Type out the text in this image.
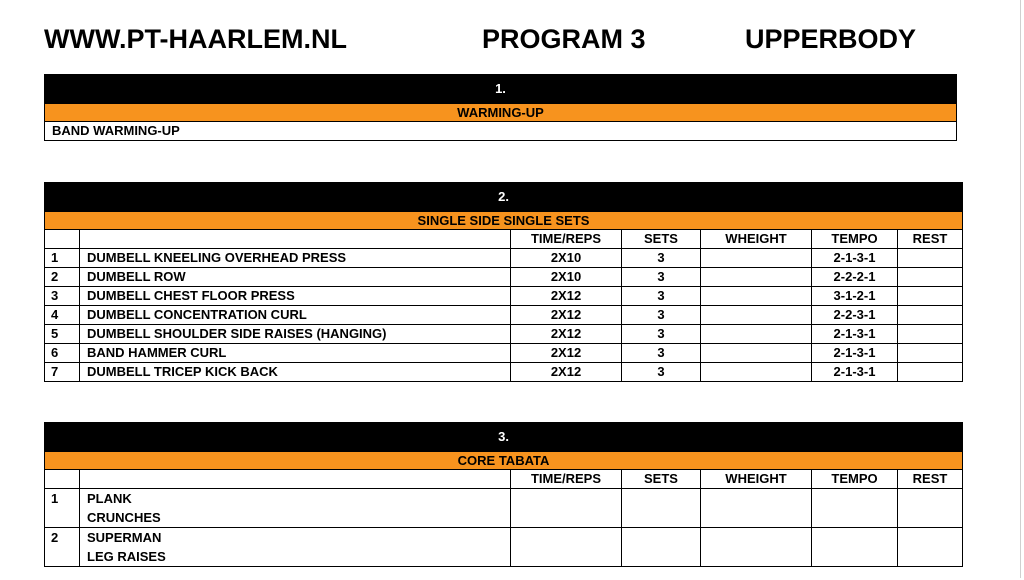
WWW.PT-HAARLEM.NL	PROGRAM 3	UPPERBODY
1.
WARMING-UP
BAND WARMING-UP
2.						
SINGLE SIDE SINGLE SETS						
		TIME/REPS	SETS	WHEIGHT	TEMPO	REST
1	DUMBELL KNEELING OVERHEAD PRESS	2X10	3		2-1-3-1	
2	DUMBELL ROW	2X10	3		2-2-2-1	
3	DUMBELL CHEST FLOOR PRESS	2X12	3		3-1-2-1	
4	DUMBELL CONCENTRATION CURL	2X12	3		2-2-3-1	
5	DUMBELL SHOULDER SIDE RAISES (HANGING)	2X12	3		2-1-3-1	
6	BAND HAMMER CURL	2X12	3		2-1-3-1	
7	DUMBELL TRICEP KICK BACK	2X12	3		2-1-3-1	
3.						
CORE TABATA						
		TIME/REPS	SETS	WHEIGHT	TEMPO	REST
1	PLANK
CRUNCHES					

2	SUPERMAN
LEG RAISES					
